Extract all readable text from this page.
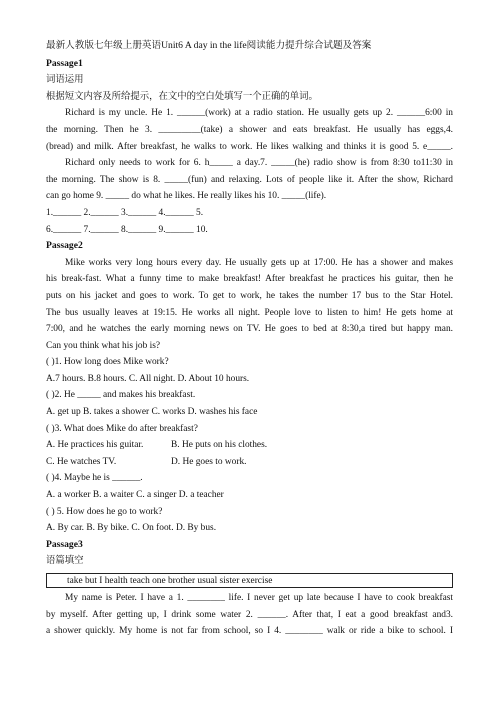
最新人教版七年级上册英语Unit6 A day in the life阅读能力提升综合试题及答案
Passage1
词语运用
根据短文内容及所给提示，在文中的空白处填写一个正确的单词。
Richard is my uncle. He 1. ______(work) at a radio station. He usually gets up 2. ______6:00 in
the morning. Then he 3. _________(take) a shower and eats breakfast. He usually has eggs,4.
(bread) and milk. After breakfast, he walks to work. He likes walking and thinks it is good 5. e_____.
Richard only needs to work for 6. h_____ a day.7. _____(he) radio show is from 8:30 to11:30 in
the morning. The show is 8. _____(fun) and relaxing. Lots of people like it. After the show, Richard
can go home 9. _____ do what he likes. He really likes his 10. _____(life).
1.______ 2.______ 3.______ 4.______ 5.
6.______ 7.______ 8.______ 9.______ 10.
Passage2
Mike works very long hours every day. He usually gets up at 17:00. He has a shower and makes
his break-fast. What a funny time to make breakfast! After breakfast he practices his guitar, then he
puts on his jacket and goes to work. To get to work, he takes the number 17 bus to the Star Hotel.
The bus usually leaves at 19:15. He works all night. People love to listen to him! He gets home at
7:00, and he watches the early morning news on TV. He goes to bed at 8:30,a tired but happy man.
Can you think what his job is?
( )1. How long does Mike work?
A.7 hours. B.8 hours. C. All night. D. About 10 hours.
( )2. He _____ and makes his breakfast.
A. get up B. takes a shower C. works D. washes his face
( )3. What does Mike do after breakfast?
A. He practices his guitar.	B. He puts on his clothes.
C. He watches TV.	D. He goes to work.
( )4. Maybe he is ______.
A. a worker B. a waiter C. a singer D. a teacher
( ) 5. How does he go to work?
A. By car. B. By bike. C. On foot. D. By bus.
Passage3
语篇填空
take but I health teach one brother usual sister exercise
My name is Peter. I have a 1. ________ life. I never get up late because I have to cook breakfast
by myself. After getting up, I drink some water 2. ______. After that, I eat a good breakfast and3.
a shower quickly. My home is not far from school, so I 4. ________ walk or ride a bike to school. I
